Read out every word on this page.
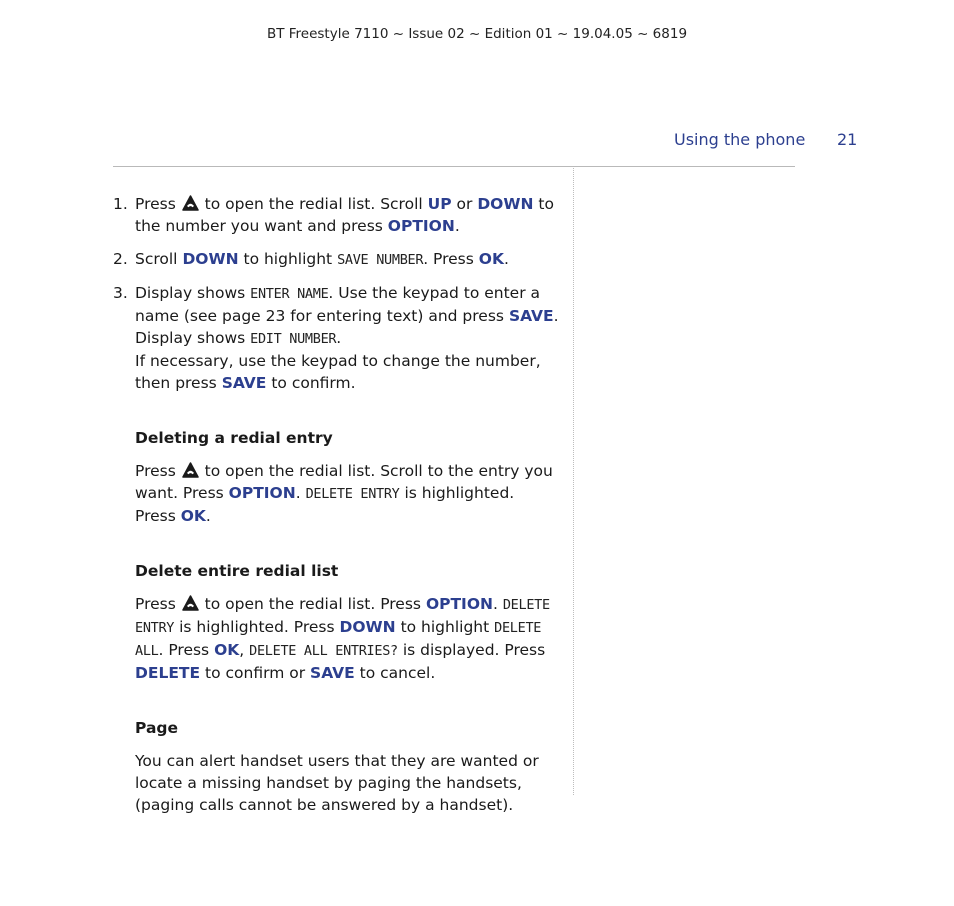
BT Freestyle 7110 ~ Issue 02 ~ Edition 01 ~ 19.04.05 ~ 6819
Using the phone 21
1. Press to open the redial list. Scroll UP or DOWN to the number you want and press OPTION.
2. Scroll DOWN to highlight SAVE NUMBER. Press OK.
3. Display shows ENTER NAME. Use the keypad to enter a name (see page 23 for entering text) and press SAVE.
Display shows EDIT NUMBER.
If necessary, use the keypad to change the number, then press SAVE to confirm.
Deleting a redial entry

Press to open the redial list. Scroll to the entry you want. Press OPTION. DELETE ENTRY is highlighted.
Press OK.

Delete entire redial list

Press to open the redial list. Press OPTION. DELETE ENTRY is highlighted. Press DOWN to highlight DELETE ALL. Press OK, DELETE ALL ENTRIES? is displayed. Press DELETE to confirm or SAVE to cancel.

Page

You can alert handset users that they are wanted or locate a missing handset by paging the handsets, (paging calls cannot be answered by a handset).
